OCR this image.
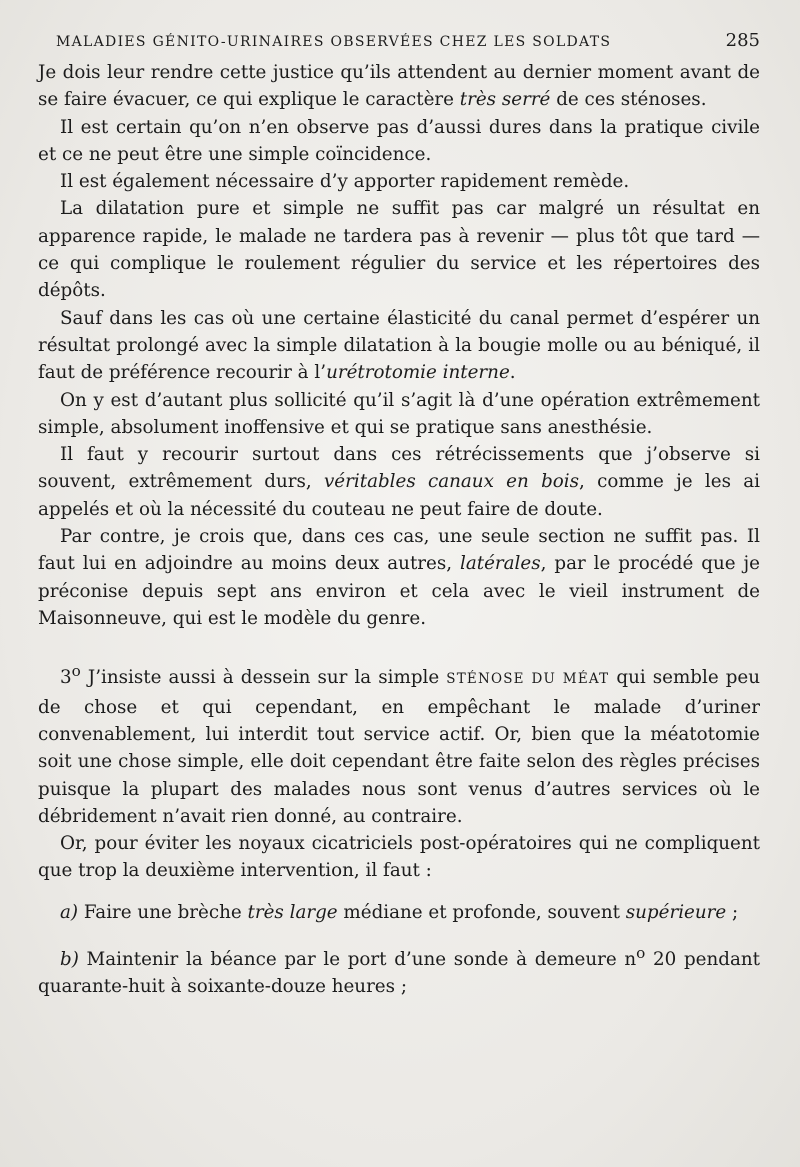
MALADIES GÉNITO-URINAIRES OBSERVÉES CHEZ LES SOLDATS	285

Je dois leur rendre cette justice qu’ils attendent au dernier moment avant de se faire évacuer, ce qui explique le caractère très serré de ces sténoses.

Il est certain qu’on n’en observe pas d’aussi dures dans la pratique civile et ce ne peut être une simple coïncidence.

Il est également nécessaire d’y apporter rapidement remède.

La dilatation pure et simple ne suffit pas car malgré un résultat en apparence rapide, le malade ne tardera pas à revenir — plus tôt que tard — ce qui complique le roulement régulier du service et les répertoires des dépôts.

Sauf dans les cas où une certaine élasticité du canal permet d’espérer un résultat prolongé avec la simple dilatation à la bougie molle ou au béniqué, il faut de préférence recourir à l’urétrotomie interne.

On y est d’autant plus sollicité qu’il s’agit là d’une opération extrêmement simple, absolument inoffensive et qui se pratique sans anesthésie.

Il faut y recourir surtout dans ces rétrécissements que j’observe si souvent, extrêmement durs, véritables canaux en bois, comme je les ai appelés et où la nécessité du couteau ne peut faire de doute.

Par contre, je crois que, dans ces cas, une seule section ne suffit pas. Il faut lui en adjoindre au moins deux autres, latérales, par le procédé que je préconise depuis sept ans environ et cela avec le vieil instrument de Maisonneuve, qui est le modèle du genre.

3$^o$ J’insiste aussi à dessein sur la simple STÉNOSE DU MÉAT qui semble peu de chose et qui cependant, en empêchant le malade d’uriner convenablement, lui interdit tout service actif. Or, bien que la méatotomie soit une chose simple, elle doit cependant être faite selon des règles précises puisque la plupart des malades nous sont venus d’autres services où le débridement n’avait rien donné, au contraire.

Or, pour éviter les noyaux cicatriciels post-opératoires qui ne compliquent que trop la deuxième intervention, il faut :

a) Faire une brèche très large médiane et profonde, souvent supérieure ;

b) Maintenir la béance par le port d’une sonde à demeure $n^o$ 20 pendant quarante-huit à soixante-douze heures ;
